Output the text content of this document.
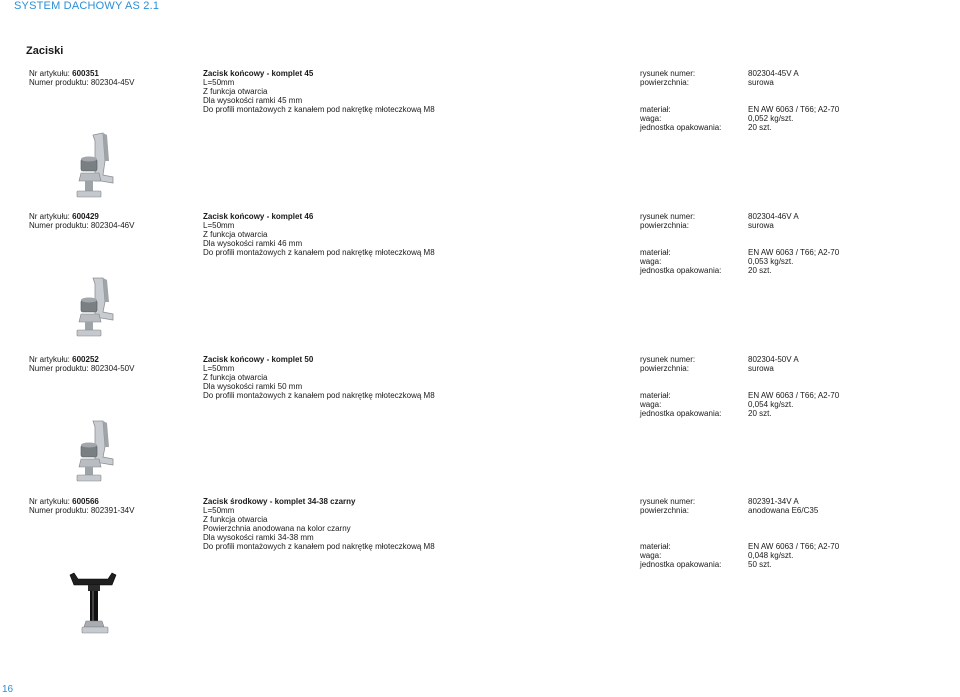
SYSTEM DACHOWY AS 2.1
Zaciski
Nr artykułu: 600351
Numer produktu: 802304-45V
Zacisk końcowy - komplet 45
L=50mm
Z funkcja otwarcia
Dla wysokości ramki 45 mm
Do profili montażowych z kanałem pod nakrętkę młoteczkową M8
rysunek numer:	802304-45V A
powierzchnia:	surowa
materiał:	EN AW 6063 / T66; A2-70
waga:	0,052 kg/szt.
jednostka opakowania:	20 szt.
Nr artykułu: 600429
Numer produktu: 802304-46V
Zacisk końcowy - komplet 46
L=50mm
Z funkcja otwarcia
Dla wysokości ramki 46 mm
Do profili montażowych z kanałem pod nakrętkę młoteczkową M8
rysunek numer:	802304-46V A
powierzchnia:	surowa
materiał:	EN AW 6063 / T66; A2-70
waga:	0,053 kg/szt.
jednostka opakowania:	20 szt.
Nr artykułu: 600252
Numer produktu: 802304-50V
Zacisk końcowy - komplet 50
L=50mm
Z funkcja otwarcia
Dla wysokości ramki 50 mm
Do profili montażowych z kanałem pod nakrętkę młoteczkową M8
rysunek numer:	802304-50V A
powierzchnia:	surowa
materiał:	EN AW 6063 / T66; A2-70
waga:	0,054 kg/szt.
jednostka opakowania:	20 szt.
Nr artykułu: 600566
Numer produktu: 802391-34V
Zacisk środkowy - komplet 34-38 czarny
L=50mm
Z funkcja otwarcia
Powierzchnia anodowana na kolor czarny
Dla wysokości ramki 34-38 mm
Do profili montażowych z kanałem pod nakrętkę młoteczkową M8
rysunek numer:	802391-34V A
powierzchnia:	anodowana E6/C35
materiał:	EN AW 6063 / T66; A2-70
waga:	0,048 kg/szt.
jednostka opakowania:	50 szt.
16
